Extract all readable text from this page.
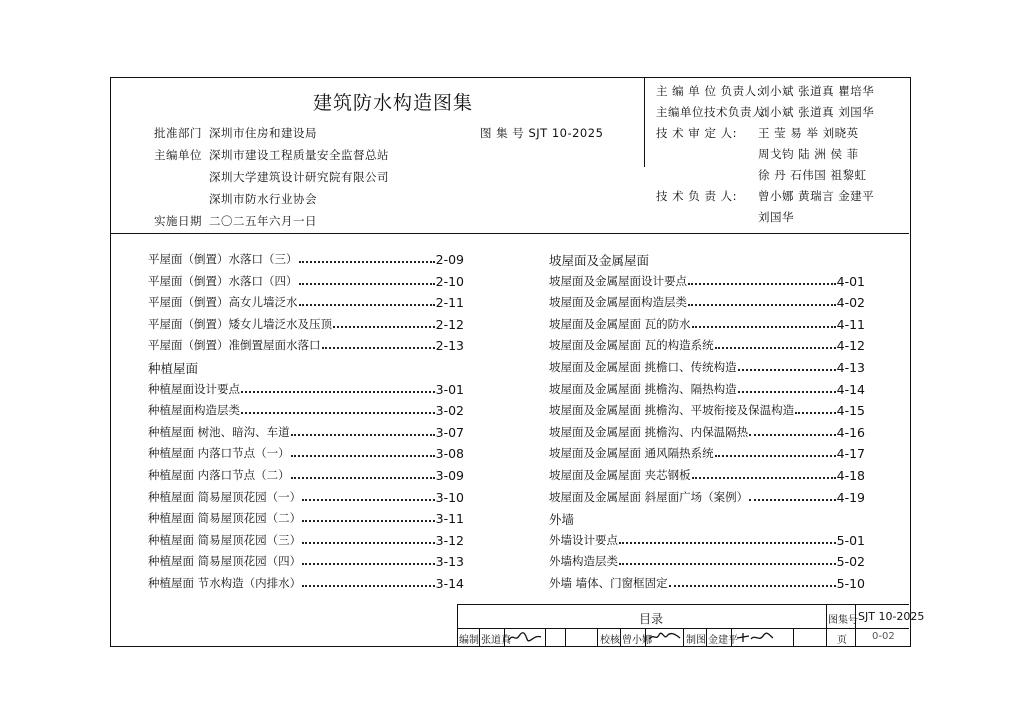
建筑防水构造图集
批准部门 深圳市住房和建设局
主编单位 深圳市建设工程质量安全监督总站
深圳大学建筑设计研究院有限公司
深圳市防水行业协会
实施日期 二〇二五年六月一日
图 集 号 SJT 10-2025
主 编 单 位 负责人:
刘小斌 张道真 瞿培华
主编单位技术负责人:
刘小斌 张道真 刘国华
技 术 审 定 人: 王 莹 易 举 刘晓英
周戈钧 陆 洲 侯 菲
徐 丹 石伟国 祖黎虹
技 术 负 责 人: 曾小娜 黄瑞言 金建平
刘国华
平屋面（倒置）水落口（三）	2-09
平屋面（倒置）水落口（四）	2-10
平屋面（倒置）高女儿墙泛水	2-11
平屋面（倒置）矮女儿墙泛水及压顶	2-12
平屋面（倒置）准倒置屋面水落口	2-13
种植屋面
种植屋面设计要点	3-01
种植屋面构造层类	3-02
种植屋面 树池、暗沟、车道	3-07
种植屋面 内落口节点（一）	3-08
种植屋面 内落口节点（二）	3-09
种植屋面 简易屋顶花园（一）	3-10
种植屋面 简易屋顶花园（二）	3-11
种植屋面 简易屋顶花园（三）	3-12
种植屋面 简易屋顶花园（四）	3-13
种植屋面 节水构造（内排水）	3-14
坡屋面及金属屋面
坡屋面及金属屋面设计要点	4-01
坡屋面及金属屋面构造层类	4-02
坡屋面及金属屋面 瓦的防水	4-11
坡屋面及金属屋面 瓦的构造系统	4-12
坡屋面及金属屋面 挑檐口、传统构造	4-13
坡屋面及金属屋面 挑檐沟、隔热构造	4-14
坡屋面及金属屋面 挑檐沟、平坡衔接及保温构造	4-15
坡屋面及金属屋面 挑檐沟、内保温隔热	4-16
坡屋面及金属屋面 通风隔热系统	4-17
坡屋面及金属屋面 夹芯钢板	4-18
坡屋面及金属屋面 斜屋面广场（案例）	4-19
外墙
外墙设计要点	5-01
外墙构造层类	5-02
外墙 墙体、门窗框固定	5-10
目录	图集号 SJT 10-2025
编制 张道真	校核 曾小娜	制图 金建平	页	0-02
